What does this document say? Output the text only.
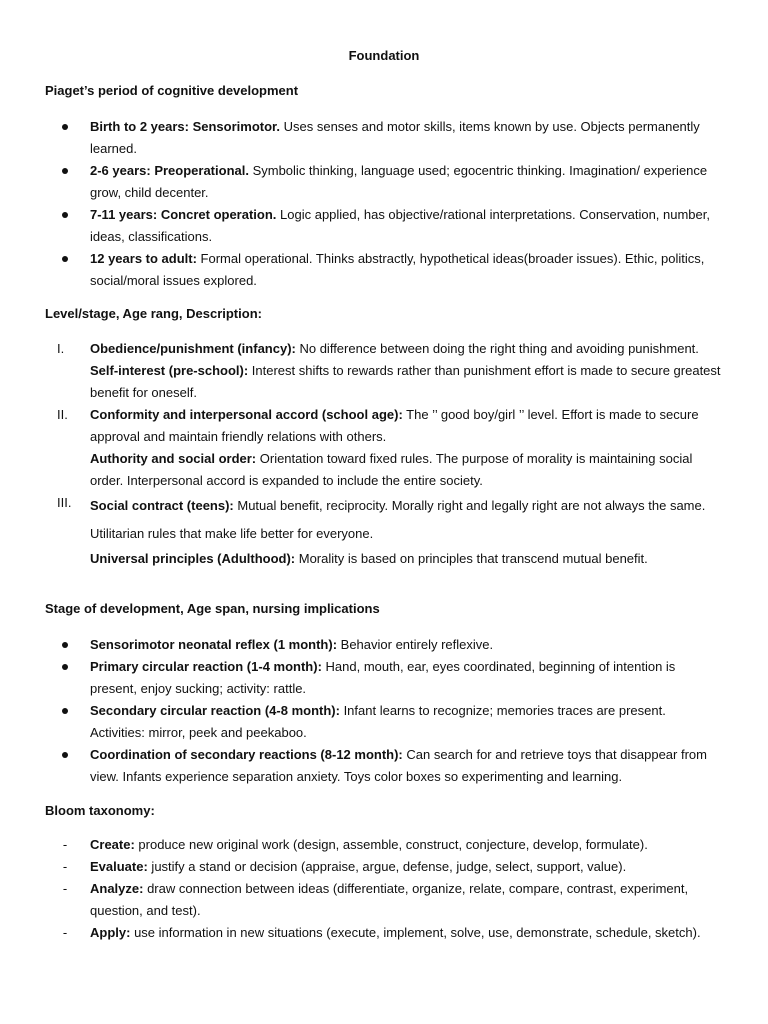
Foundation
Piaget’s period of cognitive development
Birth to 2 years: Sensorimotor. Uses senses and motor skills, items known by use. Objects permanently learned.
2-6 years: Preoperational. Symbolic thinking, language used; egocentric thinking. Imagination/ experience grow, child decenter.
7-11 years: Concret operation. Logic applied, has objective/rational interpretations. Conservation, number, ideas, classifications.
12 years to adult: Formal operational. Thinks abstractly, hypothetical ideas(broader issues). Ethic, politics, social/moral issues explored.
Level/stage, Age rang, Description:
I.	Obedience/punishment (infancy): No difference between doing the right thing and avoiding punishment.
Self-interest (pre-school): Interest shifts to rewards rather than punishment effort is made to secure greatest benefit for oneself.
II.	Conformity and interpersonal accord (school age): The ’’ good boy/girl ’’ level. Effort is made to secure approval and maintain friendly relations with others.
Authority and social order: Orientation toward fixed rules. The purpose of morality is maintaining social order. Interpersonal accord is expanded to include the entire society.
III.	Social contract (teens): Mutual benefit, reciprocity. Morally right and legally right are not always the same. Utilitarian rules that make life better for everyone.
Universal principles (Adulthood): Morality is based on principles that transcend mutual benefit.
Stage of development, Age span, nursing implications
Sensorimotor neonatal reflex (1 month): Behavior entirely reflexive.
Primary circular reaction (1-4 month): Hand, mouth, ear, eyes coordinated, beginning of intention is present, enjoy sucking; activity: rattle.
Secondary circular reaction (4-8 month): Infant learns to recognize; memories traces are present. Activities: mirror, peek and peekaboo.
Coordination of secondary reactions (8-12 month): Can search for and retrieve toys that disappear from view. Infants experience separation anxiety. Toys color boxes so experimenting and learning.
Bloom taxonomy:
-	Create: produce new original work (design, assemble, construct, conjecture, develop, formulate).
-	Evaluate: justify a stand or decision (appraise, argue, defense, judge, select, support, value).
-	Analyze: draw connection between ideas (differentiate, organize, relate, compare, contrast, experiment, question, and test).
-	Apply: use information in new situations (execute, implement, solve, use, demonstrate, schedule, sketch).
